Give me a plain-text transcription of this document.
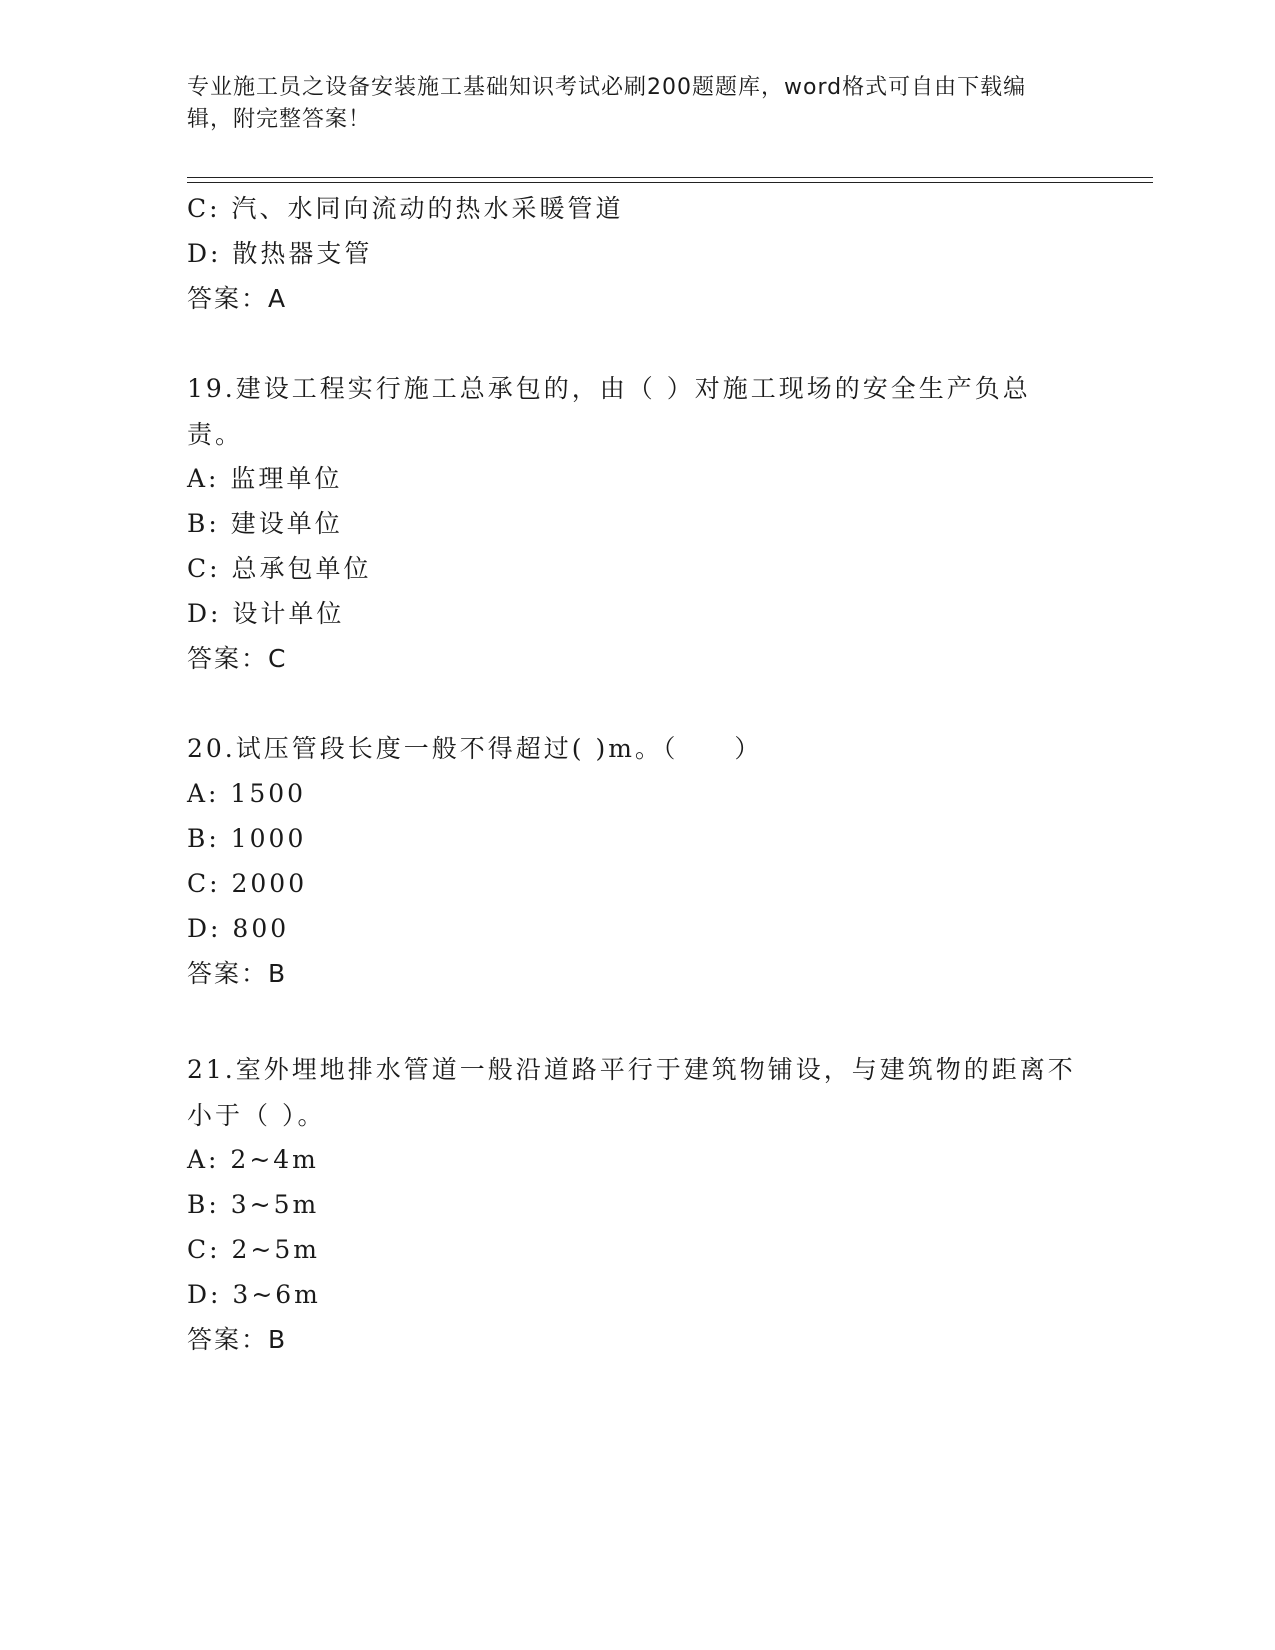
专业施工员之设备安装施工基础知识考试必刷200题题库，word格式可自由下载编辑，附完整答案！
C: 汽、水同向流动的热水采暖管道
D: 散热器支管
答案：A
19.建设工程实行施工总承包的，由（ ）对施工现场的安全生产负总责。
A: 监理单位
B: 建设单位
C: 总承包单位
D: 设计单位
答案：C
20.试压管段长度一般不得超过( )m。（　　）
A: 1500
B: 1000
C: 2000
D: 800
答案：B
21.室外埋地排水管道一般沿道路平行于建筑物铺设，与建筑物的距离不小于（ ）。
A: 2~4m
B: 3~5m
C: 2~5m
D: 3~6m
答案：B
